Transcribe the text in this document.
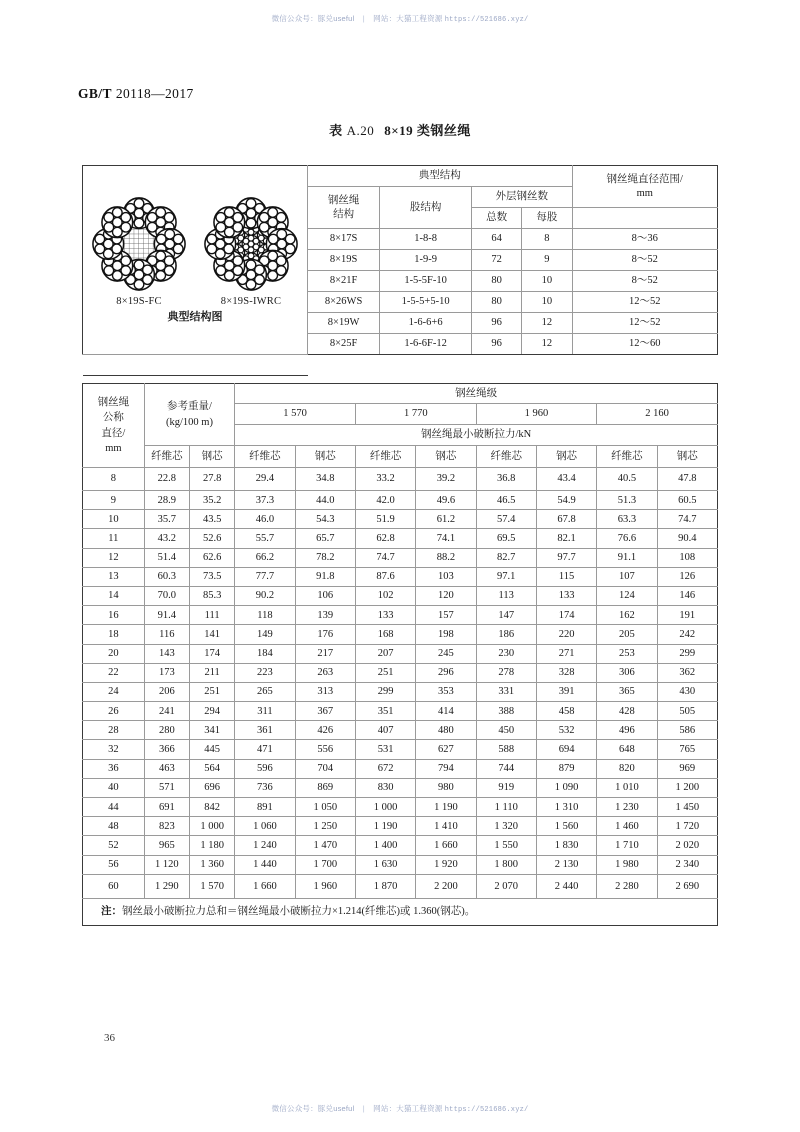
微信公众号：豚兑useful | 网站：大猫工程资源 https://521686.xyz/
GB/T 20118—2017
表 A.20 8×19 类钢丝绳
8×19S-FC	8×19S-IWRC
典型结构图
	典型结构	钢丝绳直径范围/
mm

	钢丝绳
结构	股结构	外层钢丝数		
			总数	每股	
	8×17S	1-8-8	64	8	8～36
	8×19S	1-9-9	72	9	8～52
	8×21F	1-5-5F-10	80	10	8～52
	8×26WS	1-5-5+5-10	80	10	12～52
	8×19W	1-6-6+6	96	12	12～52
	8×25F	1-6-6F-12	96	12	12～60

钢丝绳
公称
直径/
mm	参考重量/
(kg/100 m)		钢丝绳级							
			1 570		1 770		1 960		2 160	
			钢丝绳最小破断拉力/kN							
	纤维芯	钢芯	纤维芯	钢芯	纤维芯	钢芯	纤维芯	钢芯	纤维芯	钢芯
8	22.8	27.8	29.4	34.8	33.2	39.2	36.8	43.4	40.5	47.8
9	28.9	35.2	37.3	44.0	42.0	49.6	46.5	54.9	51.3	60.5
10	35.7	43.5	46.0	54.3	51.9	61.2	57.4	67.8	63.3	74.7
11	43.2	52.6	55.7	65.7	62.8	74.1	69.5	82.1	76.6	90.4
12	51.4	62.6	66.2	78.2	74.7	88.2	82.7	97.7	91.1	108
13	60.3	73.5	77.7	91.8	87.6	103	97.1	115	107	126
14	70.0	85.3	90.2	106	102	120	113	133	124	146
16	91.4	111	118	139	133	157	147	174	162	191
18	116	141	149	176	168	198	186	220	205	242
20	143	174	184	217	207	245	230	271	253	299
22	173	211	223	263	251	296	278	328	306	362
24	206	251	265	313	299	353	331	391	365	430
26	241	294	311	367	351	414	388	458	428	505
28	280	341	361	426	407	480	450	532	496	586
32	366	445	471	556	531	627	588	694	648	765
36	463	564	596	704	672	794	744	879	820	969
40	571	696	736	869	830	980	919	1 090	1 010	1 200
44	691	842	891	1 050	1 000	1 190	1 110	1 310	1 230	1 450
48	823	1 000	1 060	1 250	1 190	1 410	1 320	1 560	1 460	1 720
52	965	1 180	1 240	1 470	1 400	1 660	1 550	1 830	1 710	2 020
56	1 120	1 360	1 440	1 700	1 630	1 920	1 800	2 130	1 980	2 340
60	1 290	1 570	1 660	1 960	1 870	2 200	2 070	2 440	2 280	2 690
注：钢丝最小破断拉力总和＝钢丝绳最小破断拉力×1.214(纤维芯)或 1.360(钢芯)。										
36
微信公众号：豚兑useful | 网站：大猫工程资源 https://521686.xyz/
